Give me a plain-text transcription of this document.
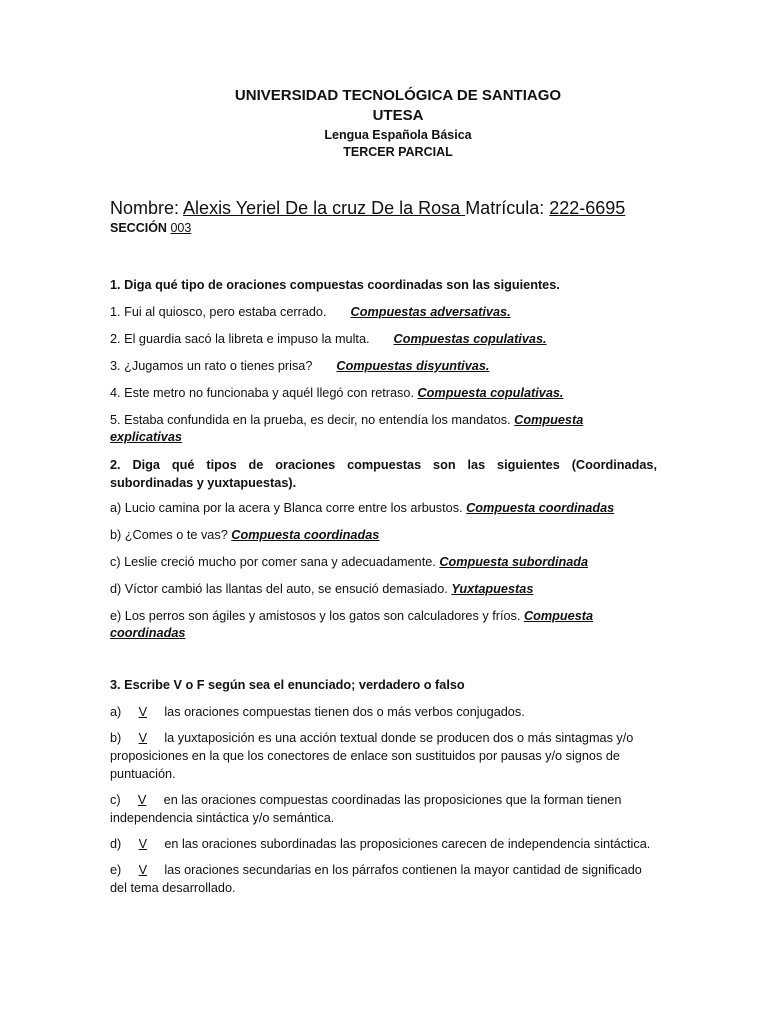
UNIVERSIDAD TECNOLÓGICA DE SANTIAGO
UTESA
Lengua Española Básica
TERCER PARCIAL
Nombre: Alexis Yeriel De la cruz De la Rosa Matrícula: 222-6695
SECCIÓN 003
1. Diga qué tipo de oraciones compuestas coordinadas son las siguientes.
1. Fui al quiosco, pero estaba cerrado. Compuestas adversativas.
2. El guardia sacó la libreta e impuso la multa. Compuestas copulativas.
3. ¿Jugamos un rato o tienes prisa? Compuestas disyuntivas.
4. Este metro no funcionaba y aquél llegó con retraso. Compuesta copulativas.
5. Estaba confundida en la prueba, es decir, no entendía los mandatos. Compuesta explicativas
2. Diga qué tipos de oraciones compuestas son las siguientes (Coordinadas, subordinadas y yuxtapuestas).
a) Lucio camina por la acera y Blanca corre entre los arbustos. Compuesta coordinadas
b) ¿Comes o te vas? Compuesta coordinadas
c) Leslie creció mucho por comer sana y adecuadamente. Compuesta subordinada
d) Víctor cambió las llantas del auto, se ensució demasiado. Yuxtapuestas
e) Los perros son ágiles y amistosos y los gatos son calculadores y fríos. Compuesta coordinadas
3. Escribe V o F según sea el enunciado; verdadero o falso
a) V las oraciones compuestas tienen dos o más verbos conjugados.
b) V la yuxtaposición es una acción textual donde se producen dos o más sintagmas y/o proposiciones en la que los conectores de enlace son sustituidos por pausas y/o signos de puntuación.
c) V en las oraciones compuestas coordinadas las proposiciones que la forman tienen independencia sintáctica y/o semántica.
d) V en las oraciones subordinadas las proposiciones carecen de independencia sintáctica.
e) V las oraciones secundarias en los párrafos contienen la mayor cantidad de significado del tema desarrollado.
